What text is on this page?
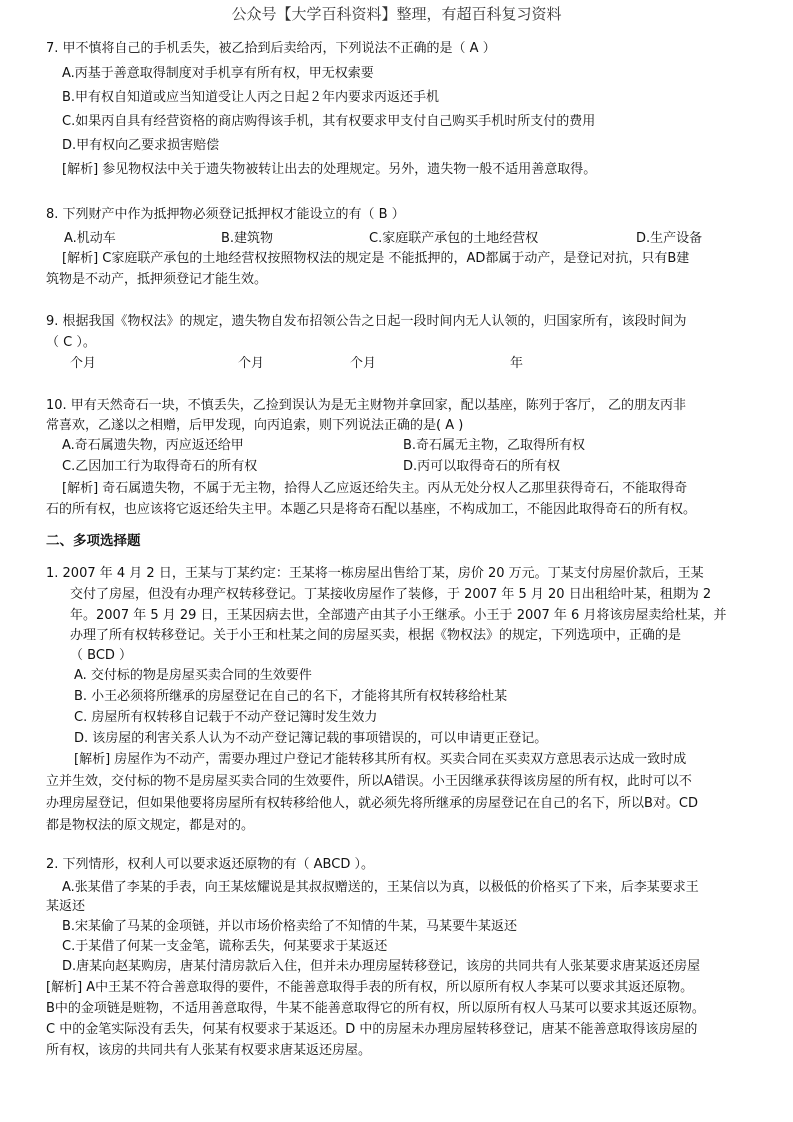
公众号【大学百科资料】整理，有超百科复习资料
7. 甲不慎将自己的手机丢失，被乙拾到后卖给丙，下列说法不正确的是（ A ）
A.丙基于善意取得制度对手机享有所有权，甲无权索要
B.甲有权自知道或应当知道受让人丙之日起２年内要求丙返还手机
C.如果丙自具有经营资格的商店购得该手机，其有权要求甲支付自己购买手机时所支付的费用
D.甲有权向乙要求损害赔偿
[解析] 参见物权法中关于遗失物被转让出去的处理规定。另外，遗失物一般不适用善意取得。
8. 下列财产中作为抵押物必须登记抵押权才能设立的有（ B ）
A.机动车	B.建筑物	C.家庭联产承包的土地经营权	D.生产设备
[解析] C家庭联产承包的土地经营权按照物权法的规定是 不能抵押的，AD都属于动产，是登记对抗，只有B建
筑物是不动产，抵押须登记才能生效。
9. 根据我国《物权法》的规定，遗失物自发布招领公告之日起一段时间内无人认领的，归国家所有，该段时间为
（ C ）。
个月	个月	个月	年
10. 甲有天然奇石一块，不慎丢失，乙捡到误认为是无主财物并拿回家，配以基座，陈列于客厅， 乙的朋友丙非
常喜欢，乙遂以之相赠，后甲发现，向丙追索，则下列说法正确的是( A )
A.奇石属遗失物，丙应返还给甲	B.奇石属无主物，乙取得所有权
C.乙因加工行为取得奇石的所有权	D.丙可以取得奇石的所有权
[解析] 奇石属遗失物，不属于无主物，拾得人乙应返还给失主。丙从无处分权人乙那里获得奇石，不能取得奇
石的所有权，也应该将它返还给失主甲。本题乙只是将奇石配以基座，不构成加工，不能因此取得奇石的所有权。
二、多项选择题
1. 2007 年 4 月 2 日，王某与丁某约定：王某将一栋房屋出售给丁某，房价 20 万元。丁某支付房屋价款后，王某
交付了房屋，但没有办理产权转移登记。丁某接收房屋作了装修，于 2007 年 5 月 20 日出租给叶某，租期为 2
年。2007 年 5 月 29 日，王某因病去世，全部遗产由其子小王继承。小王于 2007 年 6 月将该房屋卖给杜某，并
办理了所有权转移登记。关于小王和杜某之间的房屋买卖，根据《物权法》的规定，下列选项中，正确的是
（ BCD ）
A. 交付标的物是房屋买卖合同的生效要件
B. 小王必须将所继承的房屋登记在自己的名下，才能将其所有权转移给杜某
C. 房屋所有权转移自记载于不动产登记簿时发生效力
D. 该房屋的利害关系人认为不动产登记簿记载的事项错误的，可以申请更正登记。
[解析] 房屋作为不动产，需要办理过户登记才能转移其所有权。买卖合同在买卖双方意思表示达成一致时成
立并生效，交付标的物不是房屋买卖合同的生效要件，所以A错误。小王因继承获得该房屋的所有权，此时可以不
办理房屋登记，但如果他要将房屋所有权转移给他人，就必须先将所继承的房屋登记在自己的名下，所以B对。CD
都是物权法的原文规定，都是对的。
2. 下列情形，权利人可以要求返还原物的有（ ABCD ）。
A.张某借了李某的手表，向王某炫耀说是其叔叔赠送的，王某信以为真，以极低的价格买了下来，后李某要求王
某返还
B.宋某偷了马某的金项链，并以市场价格卖给了不知情的牛某，马某要牛某返还
C.于某借了何某一支金笔，谎称丢失，何某要求于某返还
D.唐某向赵某购房，唐某付清房款后入住，但并未办理房屋转移登记，该房的共同共有人张某要求唐某返还房屋
[解析] A中王某不符合善意取得的要件，不能善意取得手表的所有权，所以原所有权人李某可以要求其返还原物。
B中的金项链是赃物，不适用善意取得，牛某不能善意取得它的所有权，所以原所有权人马某可以要求其返还原物。
C 中的金笔实际没有丢失，何某有权要求于某返还。D 中的房屋未办理房屋转移登记，唐某不能善意取得该房屋的
所有权，该房的共同共有人张某有权要求唐某返还房屋。
